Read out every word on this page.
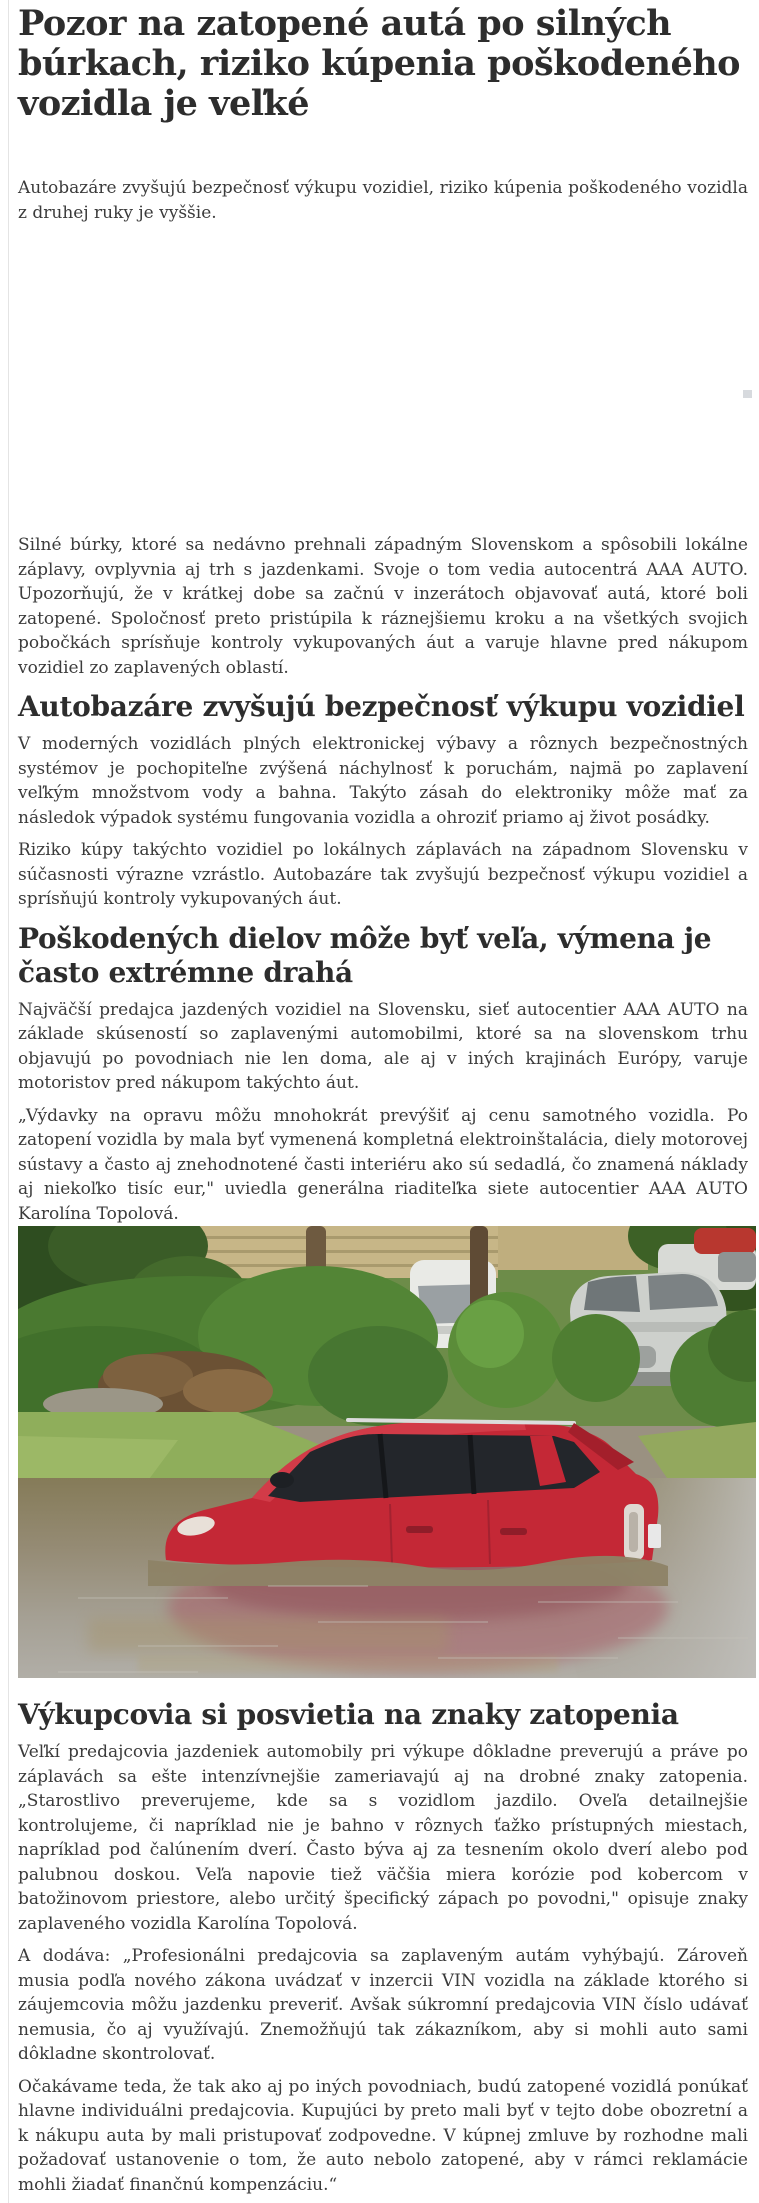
Pozor na zatopené autá po silných búrkach, riziko kúpenia poškodeného vozidla je veľké

Autobazáre zvyšujú bezpečnosť výkupu vozidiel, riziko kúpenia poškodeného vozidla z druhej ruky je vyššie.

Silné búrky, ktoré sa nedávno prehnali západným Slovenskom a spôsobili lokálne záplavy, ovplyvnia aj trh s jazdenkami. Svoje o tom vedia autocentrá AAA AUTO. Upozorňujú, že v krátkej dobe sa začnú v inzerátoch objavovať autá, ktoré boli zatopené. Spoločnosť preto pristúpila k ráznejšiemu kroku a na všetkých svojich pobočkách sprísňuje kontroly vykupovaných áut a varuje hlavne pred nákupom vozidiel zo zaplavených oblastí.

Autobazáre zvyšujú bezpečnosť výkupu vozidiel

V moderných vozidlách plných elektronickej výbavy a rôznych bezpečnostných systémov je pochopiteľne zvýšená náchylnosť k poruchám, najmä po zaplavení veľkým množstvom vody a bahna. Takýto zásah do elektroniky môže mať za následok výpadok systému fungovania vozidla a ohroziť priamo aj život posádky.

Riziko kúpy takýchto vozidiel po lokálnych záplavách na západnom Slovensku v súčasnosti výrazne vzrástlo. Autobazáre tak zvyšujú bezpečnosť výkupu vozidiel a sprísňujú kontroly vykupovaných áut.

Poškodených dielov môže byť veľa, výmena je často extrémne drahá

Najväčší predajca jazdených vozidiel na Slovensku, sieť autocentier AAA AUTO na základe skúseností so zaplavenými automobilmi, ktoré sa na slovenskom trhu objavujú po povodniach nie len doma, ale aj v iných krajinách Európy, varuje motoristov pred nákupom takýchto áut.

„Výdavky na opravu môžu mnohokrát prevýšiť aj cenu samotného vozidla. Po zatopení vozidla by mala byť vymenená kompletná elektroinštalácia, diely motorovej sústavy a často aj znehodnotené časti interiéru ako sú sedadlá, čo znamená náklady aj niekoľko tisíc eur," uviedla generálna riaditeľka siete autocentier AAA AUTO Karolína Topolová.

Výkupcovia si posvietia na znaky zatopenia

Veľkí predajcovia jazdeniek automobily pri výkupe dôkladne preverujú a práve po záplavách sa ešte intenzívnejšie zameriavajú aj na drobné znaky zatopenia. „Starostlivo preverujeme, kde sa s vozidlom jazdilo. Oveľa detailnejšie kontrolujeme, či napríklad nie je bahno v rôznych ťažko prístupných miestach, napríklad pod čalúnením dverí. Často býva aj za tesnením okolo dverí alebo pod palubnou doskou. Veľa napovie tiež väčšia miera korózie pod kobercom v batožinovom priestore, alebo určitý špecifický zápach po povodni," opisuje znaky zaplaveného vozidla Karolína Topolová.

A dodáva: „Profesionálni predajcovia sa zaplaveným autám vyhýbajú. Zároveň musia podľa nového zákona uvádzať v inzercii VIN vozidla na základe ktorého si záujemcovia môžu jazdenku preveriť. Avšak súkromní predajcovia VIN číslo udávať nemusia, čo aj využívajú. Znemožňujú tak zákazníkom, aby si mohli auto sami dôkladne skontrolovať.

Očakávame teda, že tak ako aj po iných povodniach, budú zatopené vozidlá ponúkať hlavne individuálni predajcovia. Kupujúci by preto mali byť v tejto dobe obozretní a k nákupu auta by mali pristupovať zodpovedne. V kúpnej zmluve by rozhodne mali požadovať ustanovenie o tom, že auto nebolo zatopené, aby v rámci reklamácie mohli žiadať finančnú kompenzáciu.“
